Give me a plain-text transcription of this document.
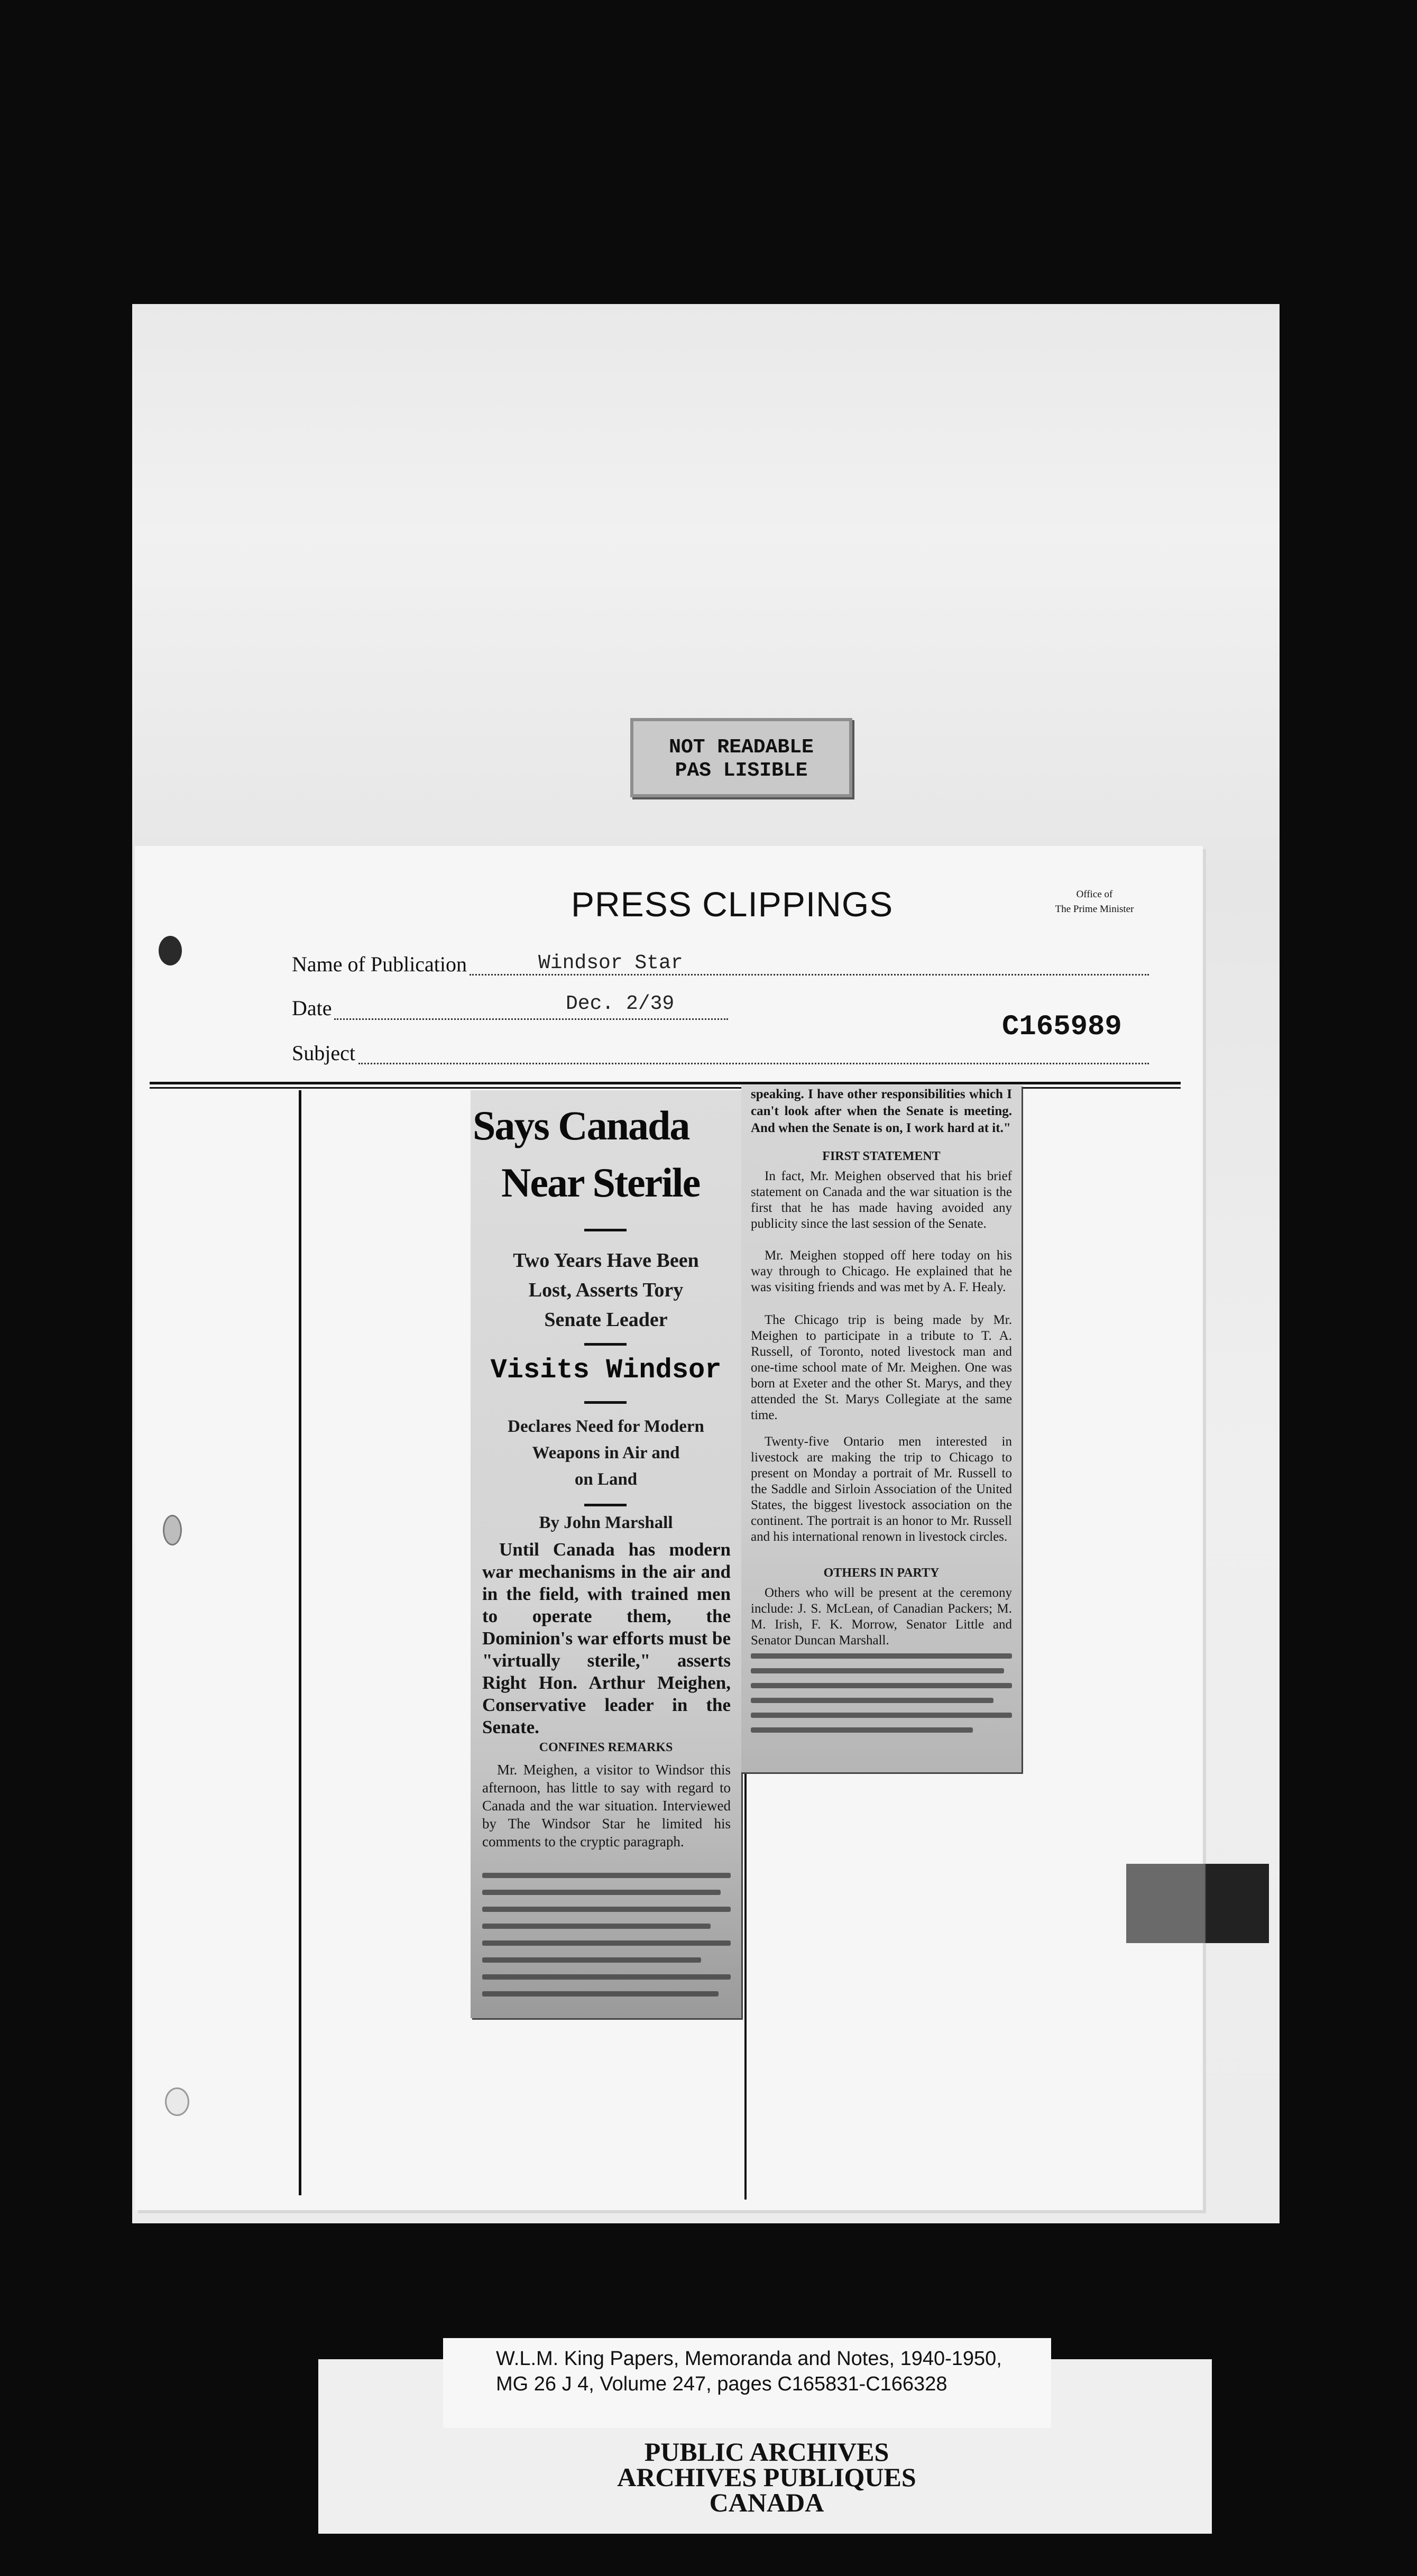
NOT READABLE
PAS LISIBLE
PRESS CLIPPINGS	Office of
The Prime Minister
Name of Publication	Windsor Star
Date	Dec. 2/39
Subject
C165989
Says Canada
Near Sterile
Two Years Have Been
Lost, Asserts Tory
Senate Leader
Visits Windsor
Declares Need for Modern
Weapons in Air and
on Land
By John Marshall
Until Canada has modern war mechanisms in the air and in the field, with trained men to operate them, the Dominion's war efforts must be "virtually sterile," asserts Right Hon. Arthur Meighen, Conservative leader in the Senate.
CONFINES REMARKS
Mr. Meighen, a visitor to Windsor this afternoon, has little to say with regard to Canada and the war situation. Interviewed by The Windsor Star he limited his comments to the cryptic paragraph.
speaking. I have other responsibilities which I can't look after when the Senate is meeting. And when the Senate is on, I work hard at it."
FIRST STATEMENT
In fact, Mr. Meighen observed that his brief statement on Canada and the war situation is the first that he has made having avoided any publicity since the last session of the Senate.
Mr. Meighen stopped off here today on his way through to Chicago. He explained that he was visiting friends and was met by A. F. Healy.
The Chicago trip is being made by Mr. Meighen to participate in a tribute to T. A. Russell, of Toronto, noted livestock man and one-time school mate of Mr. Meighen. One was born at Exeter and the other St. Marys, and they attended the St. Marys Collegiate at the same time.
Twenty-five Ontario men interested in livestock are making the trip to Chicago to present on Monday a portrait of Mr. Russell to the Saddle and Sirloin Association of the United States, the biggest livestock association on the continent. The portrait is an honor to Mr. Russell and his international renown in livestock circles.
OTHERS IN PARTY
Others who will be present at the ceremony include: J. S. McLean, of Canadian Packers; M. M. Irish, F. K. Morrow, Senator Little and Senator Duncan Marshall.
W.L.M. King Papers, Memoranda and Notes, 1940-1950,
MG 26 J 4, Volume 247, pages C165831-C166328
PUBLIC ARCHIVES
ARCHIVES PUBLIQUES
CANADA
